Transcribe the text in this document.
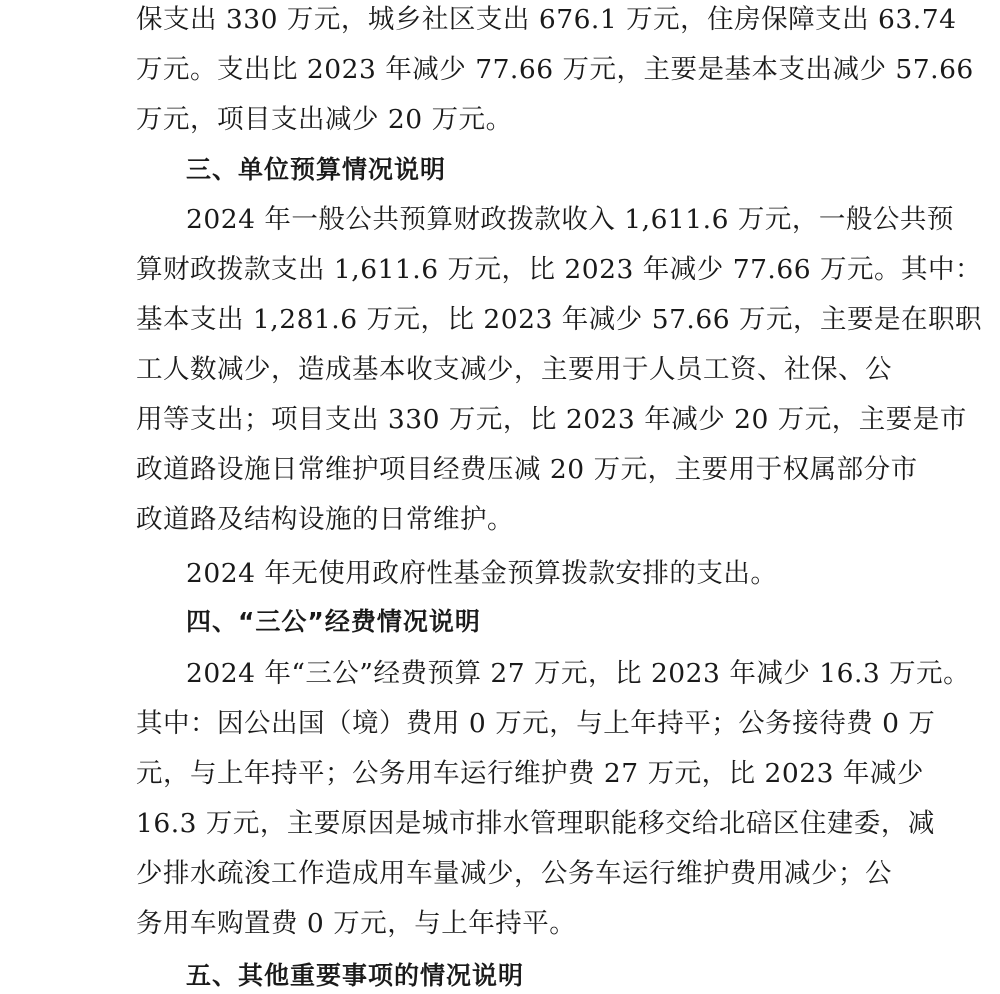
保支出 330 万元，城乡社区支出 676.1 万元，住房保障支出 63.74
万元。支出比 2023 年减少 77.66 万元，主要是基本支出减少 57.66
万元，项目支出减少 20 万元。
三、单位预算情况说明
2024 年一般公共预算财政拨款收入 1,611.6 万元，一般公共预
算财政拨款支出 1,611.6 万元，比 2023 年减少 77.66 万元。其中：
基本支出 1,281.6 万元，比 2023 年减少 57.66 万元，主要是在职职
工人数减少，造成基本收支减少，主要用于人员工资、社保、公
用等支出；项目支出 330 万元，比 2023 年减少 20 万元，主要是市
政道路设施日常维护项目经费压减 20 万元，主要用于权属部分市
政道路及结构设施的日常维护。
2024 年无使用政府性基金预算拨款安排的支出。
四、“三公”经费情况说明
2024 年“三公”经费预算 27 万元，比 2023 年减少 16.3 万元。
其中：因公出国（境）费用 0 万元，与上年持平；公务接待费 0 万
元，与上年持平；公务用车运行维护费 27 万元，比 2023 年减少
16.3 万元，主要原因是城市排水管理职能移交给北碚区住建委，减
少排水疏浚工作造成用车量减少，公务车运行维护费用减少；公
务用车购置费 0 万元，与上年持平。
五、其他重要事项的情况说明
